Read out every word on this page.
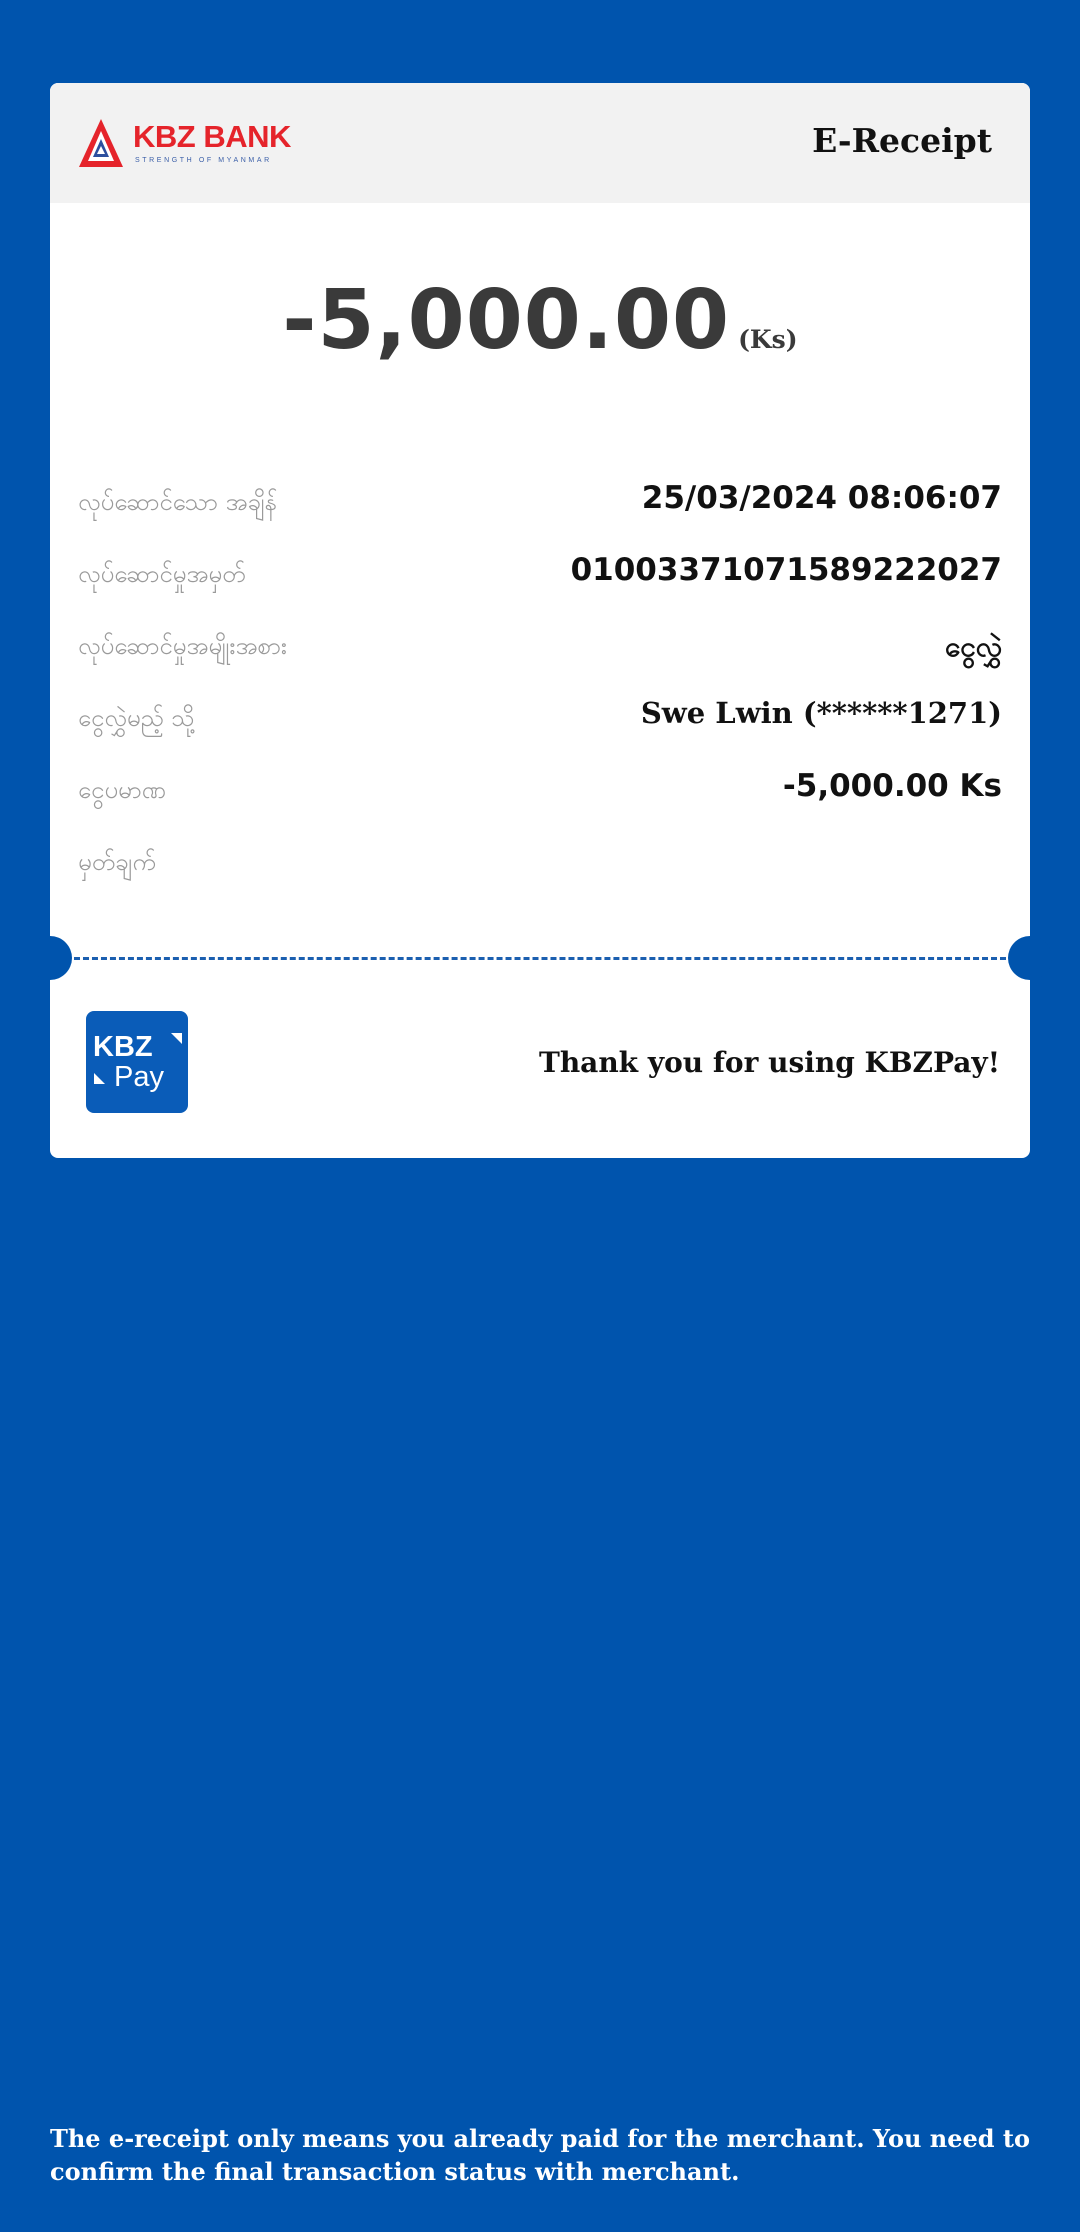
KBZ BANK
STRENGTH OF MYANMAR
E-Receipt
-5,000.00 (Ks)
လုပ်ဆောင်သော အချိန်	25/03/2024 08:06:07
လုပ်ဆောင်မှုအမှတ်	01003371071589222027
လုပ်ဆောင်မှုအမျိုးအစား	ငွေလွှဲ
ငွေလွှဲမည့် သို့	Swe Lwin (******1271)
ငွေပမာဏ	-5,000.00 Ks
မှတ်ချက်
KBZ
Pay	Thank you for using KBZPay!
The e-receipt only means you already paid for the merchant. You need to confirm the final transaction status with merchant.
